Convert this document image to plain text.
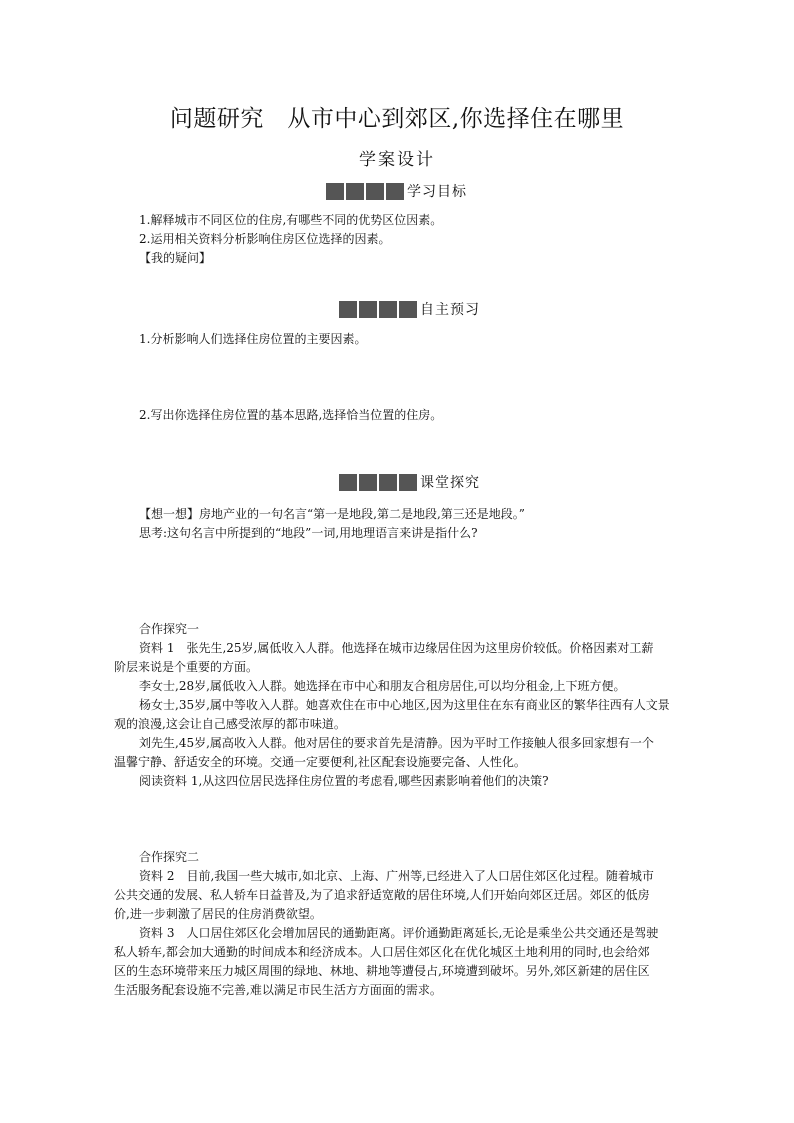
问题研究　从市中心到郊区,你选择住在哪里
学案设计
学习目标
1.解释城市不同区位的住房,有哪些不同的优势区位因素。
2.运用相关资料分析影响住房区位选择的因素。
【我的疑问】
自主预习
1.分析影响人们选择住房位置的主要因素。
2.写出你选择住房位置的基本思路,选择恰当位置的住房。
课堂探究
【想一想】房地产业的一句名言“第一是地段,第二是地段,第三还是地段。”
思考:这句名言中所提到的“地段”一词,用地理语言来讲是指什么?
合作探究一
资料 1　张先生,25岁,属低收入人群。他选择在城市边缘居住因为这里房价较低。价格因素对工薪
阶层来说是个重要的方面。
李女士,28岁,属低收入人群。她选择在市中心和朋友合租房居住,可以均分租金,上下班方便。
杨女士,35岁,属中等收入人群。她喜欢住在市中心地区,因为这里住在东有商业区的繁华往西有人文景
观的浪漫,这会让自己感受浓厚的都市味道。
刘先生,45岁,属高收入人群。他对居住的要求首先是清静。因为平时工作接触人很多回家想有一个
温馨宁静、舒适安全的环境。交通一定要便利,社区配套设施要完备、人性化。
阅读资料 1,从这四位居民选择住房位置的考虑看,哪些因素影响着他们的决策?
合作探究二
资料 2　目前,我国一些大城市,如北京、上海、广州等,已经进入了人口居住郊区化过程。随着城市
公共交通的发展、私人轿车日益普及,为了追求舒适宽敞的居住环境,人们开始向郊区迁居。郊区的低房
价,进一步刺激了居民的住房消费欲望。
资料 3　人口居住郊区化会增加居民的通勤距离。评价通勤距离延长,无论是乘坐公共交通还是驾驶
私人轿车,都会加大通勤的时间成本和经济成本。人口居住郊区化在优化城区土地利用的同时,也会给郊
区的生态环境带来压力城区周围的绿地、林地、耕地等遭侵占,环境遭到破坏。另外,郊区新建的居住区
生活服务配套设施不完善,难以满足市民生活方方面面的需求。
